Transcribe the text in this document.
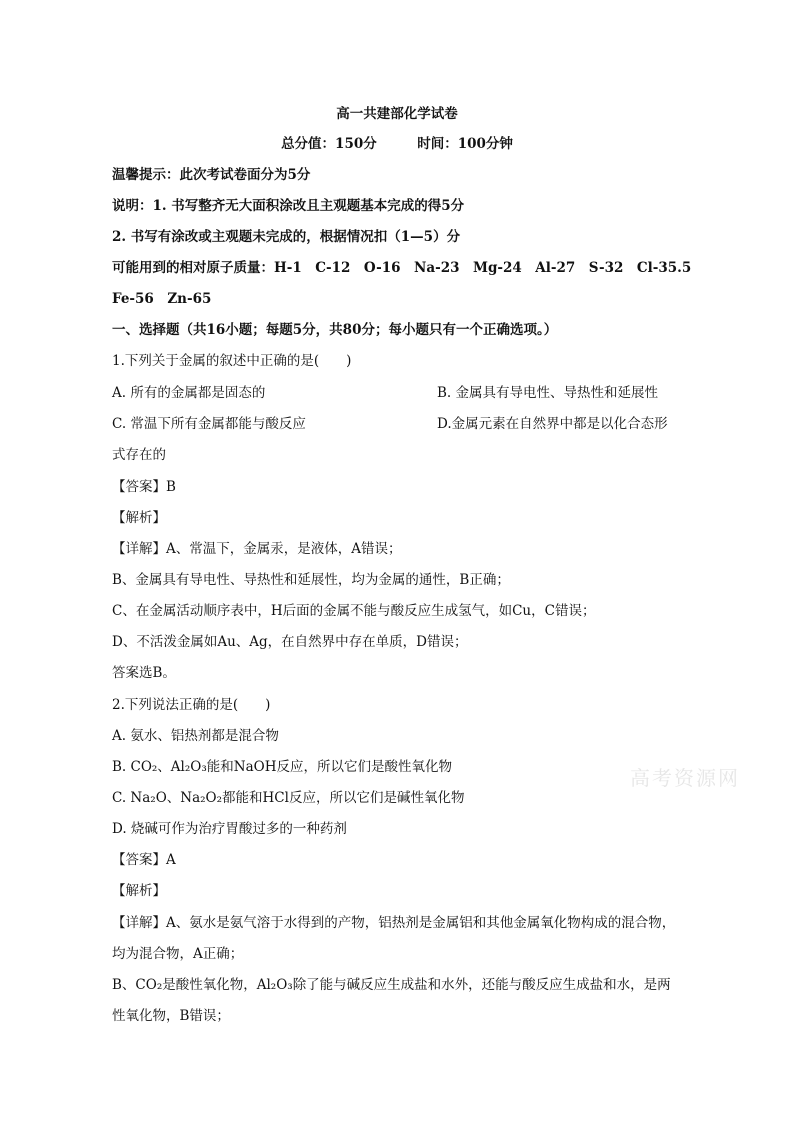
高一共建部化学试卷
总分值：150分　　　时间：100分钟
温馨提示：此次考试卷面分为5分
说明：1. 书写整齐无大面积涂改且主观题基本完成的得5分
2. 书写有涂改或主观题未完成的，根据情况扣（1—5）分
可能用到的相对原子质量：H-1　C-12　O-16　Na-23　Mg-24　Al-27　S-32　Cl-35.5
Fe-56　Zn-65
一、选择题（共16小题；每题5分，共80分；每小题只有一个正确选项。）
1.下列关于金属的叙述中正确的是(　　)
A. 所有的金属都是固态的	B. 金属具有导电性、导热性和延展性
C. 常温下所有金属都能与酸反应	D.金属元素在自然界中都是以化合态形
式存在的
【答案】B
【解析】
【详解】A、常温下，金属汞，是液体，A错误；
B、金属具有导电性、导热性和延展性，均为金属的通性，B正确；
C、在金属活动顺序表中，H后面的金属不能与酸反应生成氢气，如Cu，C错误；
D、不活泼金属如Au、Ag，在自然界中存在单质，D错误；
答案选B。
2.下列说法正确的是(　　)
A. 氨水、铝热剂都是混合物
B. CO₂、Al₂O₃能和NaOH反应，所以它们是酸性氧化物
C. Na₂O、Na₂O₂都能和HCl反应，所以它们是碱性氧化物
D. 烧碱可作为治疗胃酸过多的一种药剂
【答案】A
【解析】
【详解】A、氨水是氨气溶于水得到的产物，铝热剂是金属铝和其他金属氧化物构成的混合物，
均为混合物，A正确；
B、CO₂是酸性氧化物，Al₂O₃除了能与碱反应生成盐和水外，还能与酸反应生成盐和水，是两
性氧化物，B错误；
高考资源网
